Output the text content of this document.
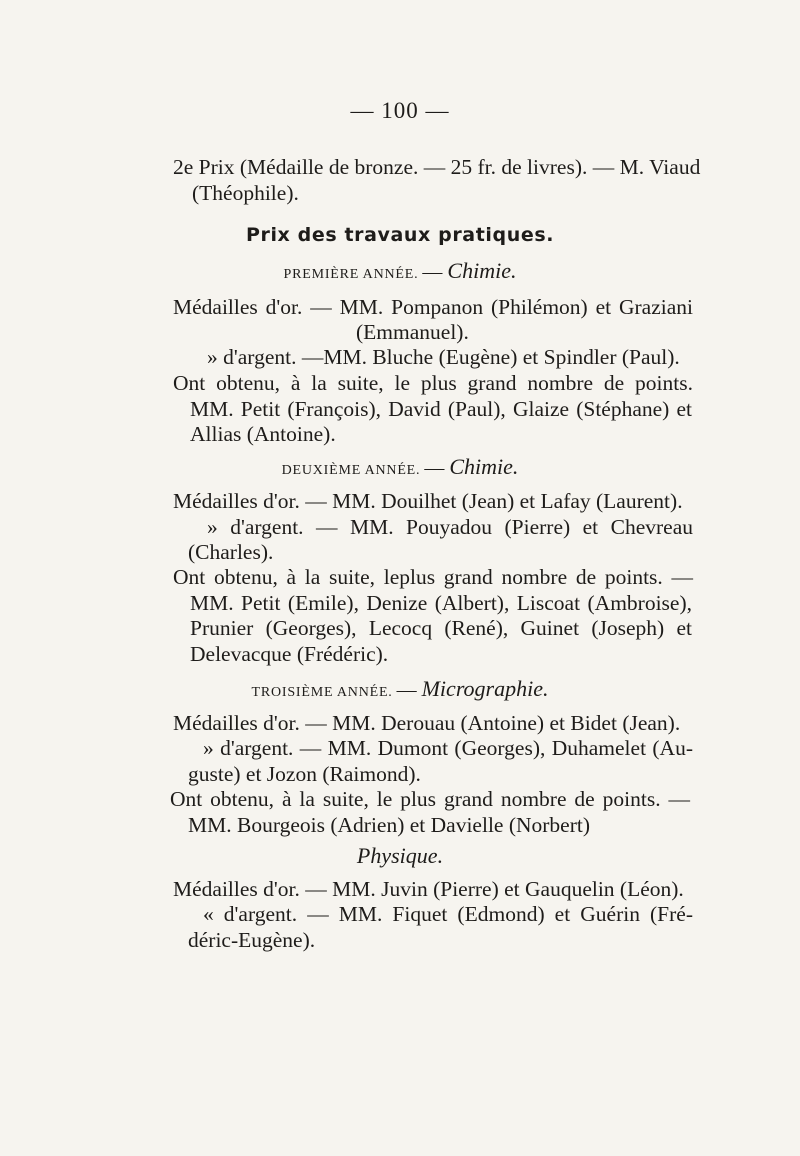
— 100 —
2e Prix (Médaille de bronze. — 25 fr. de livres). — M. Viaud
(Théophile).
Prix des travaux pratiques.
PREMIÈRE ANNÉE. — Chimie.
Médailles d'or. — MM. Pompanon (Philémon) et Graziani
(Emmanuel).
» d'argent. —MM. Bluche (Eugène) et Spindler (Paul).
Ont obtenu, à la suite, le plus grand nombre de points.
MM. Petit (François), David (Paul), Glaize (Stéphane) et
Allias (Antoine).
DEUXIÈME ANNÉE. — Chimie.
Médailles d'or. — MM. Douilhet (Jean) et Lafay (Laurent).
» d'argent. — MM. Pouyadou (Pierre) et Chevreau
(Charles).
Ont obtenu, à la suite, leplus grand nombre de points. —
MM. Petit (Emile), Denize (Albert), Liscoat (Ambroise),
Prunier (Georges), Lecocq (René), Guinet (Joseph) et
Delevacque (Frédéric).
TROISIÈME ANNÉE. — Micrographie.
Médailles d'or. — MM. Derouau (Antoine) et Bidet (Jean).
» d'argent. — MM. Dumont (Georges), Duhamelet (Au-
guste) et Jozon (Raimond).
Ont obtenu, à la suite, le plus grand nombre de points. —
MM. Bourgeois (Adrien) et Davielle (Norbert)
Physique.
Médailles d'or. — MM. Juvin (Pierre) et Gauquelin (Léon).
« d'argent. — MM. Fiquet (Edmond) et Guérin (Fré-
déric-Eugène).
